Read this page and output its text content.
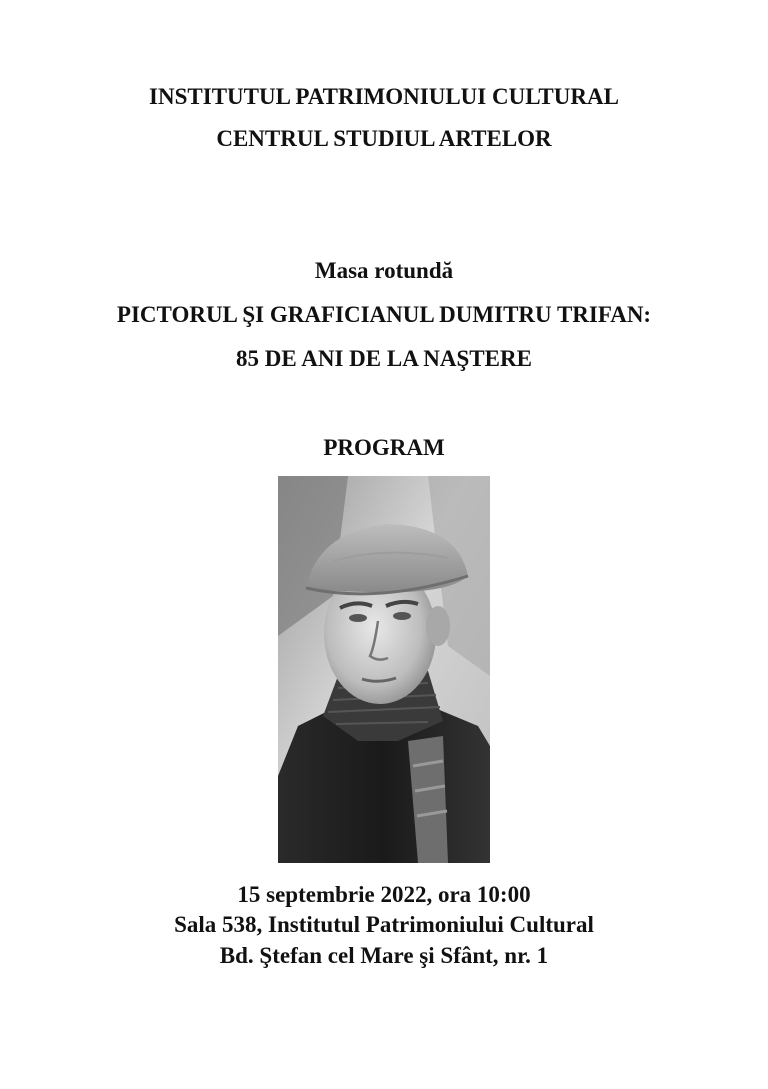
INSTITUTUL PATRIMONIULUI CULTURAL
CENTRUL STUDIUL ARTELOR
Masa rotundă
PICTORUL ŞI GRAFICIANUL DUMITRU TRIFAN:
85 DE ANI DE LA NAŞTERE
PROGRAM
15 septembrie 2022, ora 10:00
Sala 538, Institutul Patrimoniului Cultural
Bd. Ştefan cel Mare şi Sfânt, nr. 1
